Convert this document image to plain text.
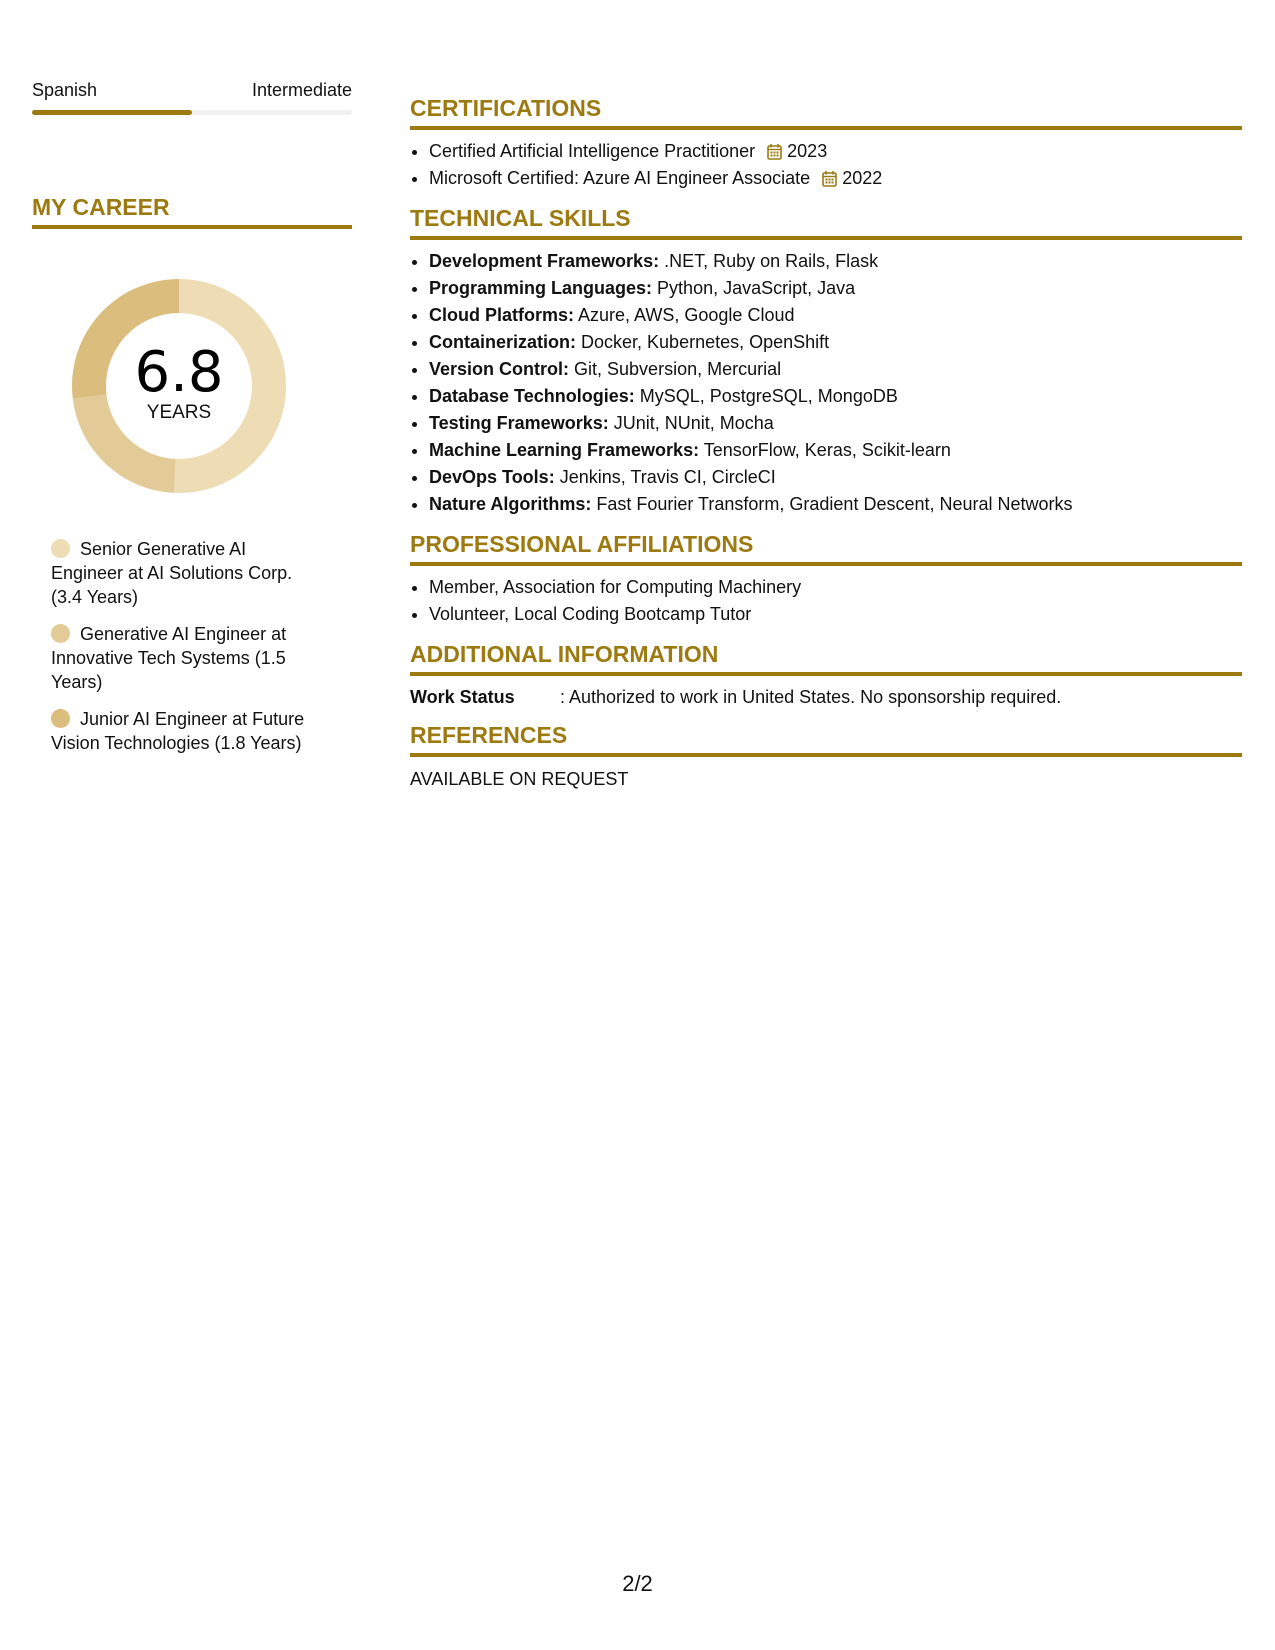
Spanish	Intermediate
MY CAREER
6.8
YEARS
Senior Generative AI Engineer at AI Solutions Corp. (3.4 Years)
Generative AI Engineer at Innovative Tech Systems (1.5 Years)
Junior AI Engineer at Future Vision Technologies (1.8 Years)
CERTIFICATIONS
• Certified Artificial Intelligence Practitioner 2023
• Microsoft Certified: Azure AI Engineer Associate 2022
TECHNICAL SKILLS
• Development Frameworks: .NET, Ruby on Rails, Flask
• Programming Languages: Python, JavaScript, Java
• Cloud Platforms: Azure, AWS, Google Cloud
• Containerization: Docker, Kubernetes, OpenShift
• Version Control: Git, Subversion, Mercurial
• Database Technologies: MySQL, PostgreSQL, MongoDB
• Testing Frameworks: JUnit, NUnit, Mocha
• Machine Learning Frameworks: TensorFlow, Keras, Scikit-learn
• DevOps Tools: Jenkins, Travis CI, CircleCI
• Nature Algorithms: Fast Fourier Transform, Gradient Descent, Neural Networks
PROFESSIONAL AFFILIATIONS
• Member, Association for Computing Machinery
• Volunteer, Local Coding Bootcamp Tutor
ADDITIONAL INFORMATION
Work Status	: Authorized to work in United States. No sponsorship required.
REFERENCES
AVAILABLE ON REQUEST
2/2
